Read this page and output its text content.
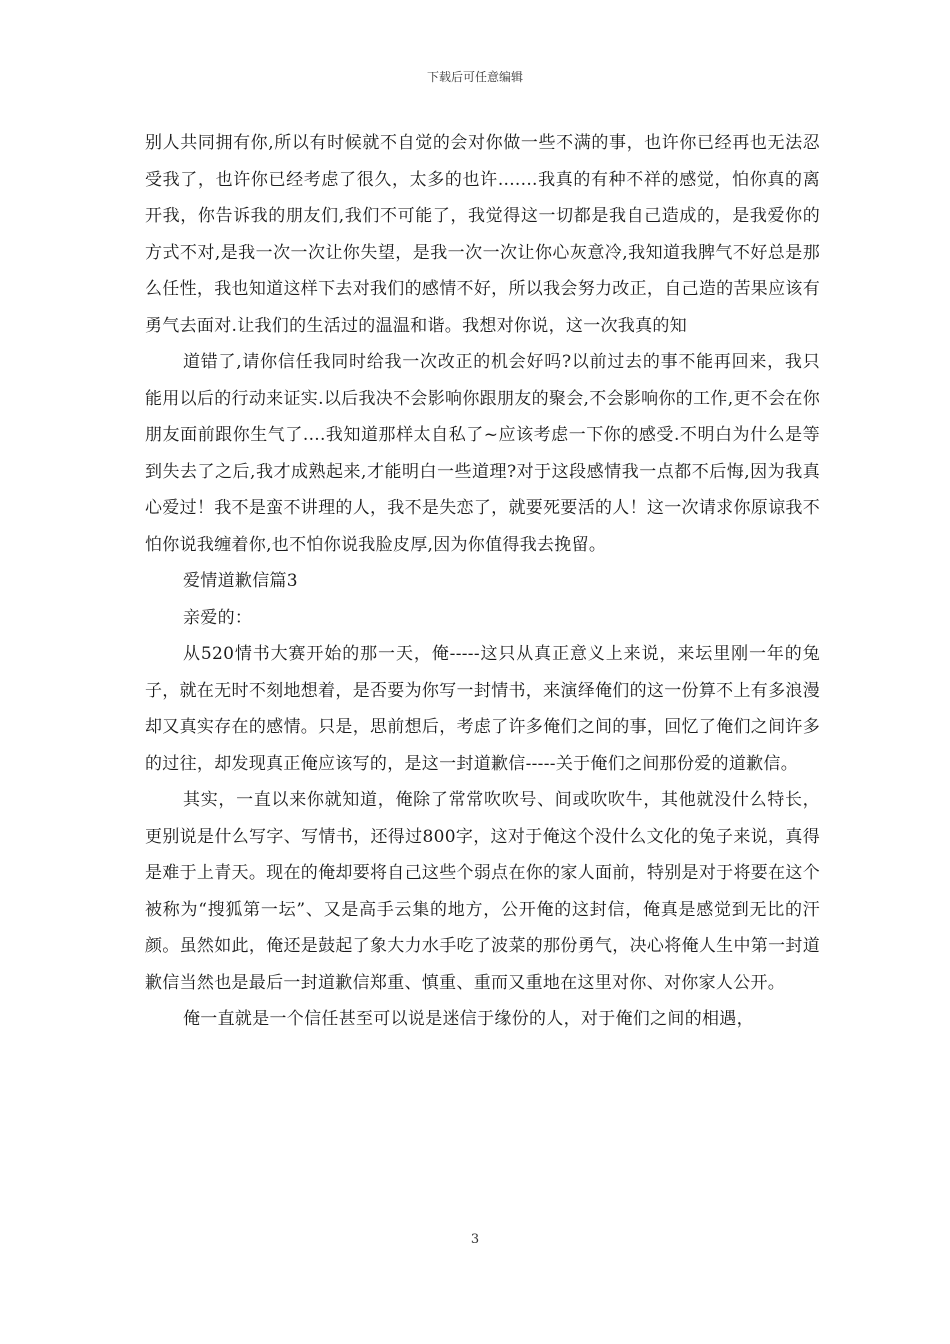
下载后可任意编辑

别人共同拥有你,所以有时候就不自觉的会对你做一些不满的事，也许你已经再也无法忍受我了，也许你已经考虑了很久，太多的也许.......我真的有种不祥的感觉，怕你真的离开我，你告诉我的朋友们,我们不可能了，我觉得这一切都是我自己造成的，是我爱你的方式不对,是我一次一次让你失望，是我一次一次让你心灰意冷,我知道我脾气不好总是那么任性，我也知道这样下去对我们的感情不好，所以我会努力改正，自己造的苦果应该有勇气去面对.让我们的生活过的温温和谐。我想对你说，这一次我真的知

道错了,请你信任我同时给我一次改正的机会好吗?以前过去的事不能再回来，我只能用以后的行动来证实.以后我决不会影响你跟朋友的聚会,不会影响你的工作,更不会在你朋友面前跟你生气了....我知道那样太自私了~应该考虑一下你的感受.不明白为什么是等到失去了之后,我才成熟起来,才能明白一些道理?对于这段感情我一点都不后悔,因为我真心爱过！我不是蛮不讲理的人，我不是失恋了，就要死要活的人！这一次请求你原谅我不怕你说我缠着你,也不怕你说我脸皮厚,因为你值得我去挽留。

爱情道歉信篇3

亲爱的：

从520情书大赛开始的那一天，俺-----这只从真正意义上来说，来坛里刚一年的兔子，就在无时不刻地想着，是否要为你写一封情书，来演绎俺们的这一份算不上有多浪漫却又真实存在的感情。只是，思前想后，考虑了许多俺们之间的事，回忆了俺们之间许多的过往，却发现真正俺应该写的，是这一封道歉信-----关于俺们之间那份爱的道歉信。

其实，一直以来你就知道，俺除了常常吹吹号、间或吹吹牛，其他就没什么特长，更别说是什么写字、写情书，还得过800字，这对于俺这个没什么文化的兔子来说，真得是难于上青天。现在的俺却要将自己这些个弱点在你的家人面前，特别是对于将要在这个被称为“搜狐第一坛”、又是高手云集的地方，公开俺的这封信，俺真是感觉到无比的汗颜。虽然如此，俺还是鼓起了象大力水手吃了波菜的那份勇气，决心将俺人生中第一封道歉信当然也是最后一封道歉信郑重、慎重、重而又重地在这里对你、对你家人公开。

俺一直就是一个信任甚至可以说是迷信于缘份的人，对于俺们之间的相遇，

3
